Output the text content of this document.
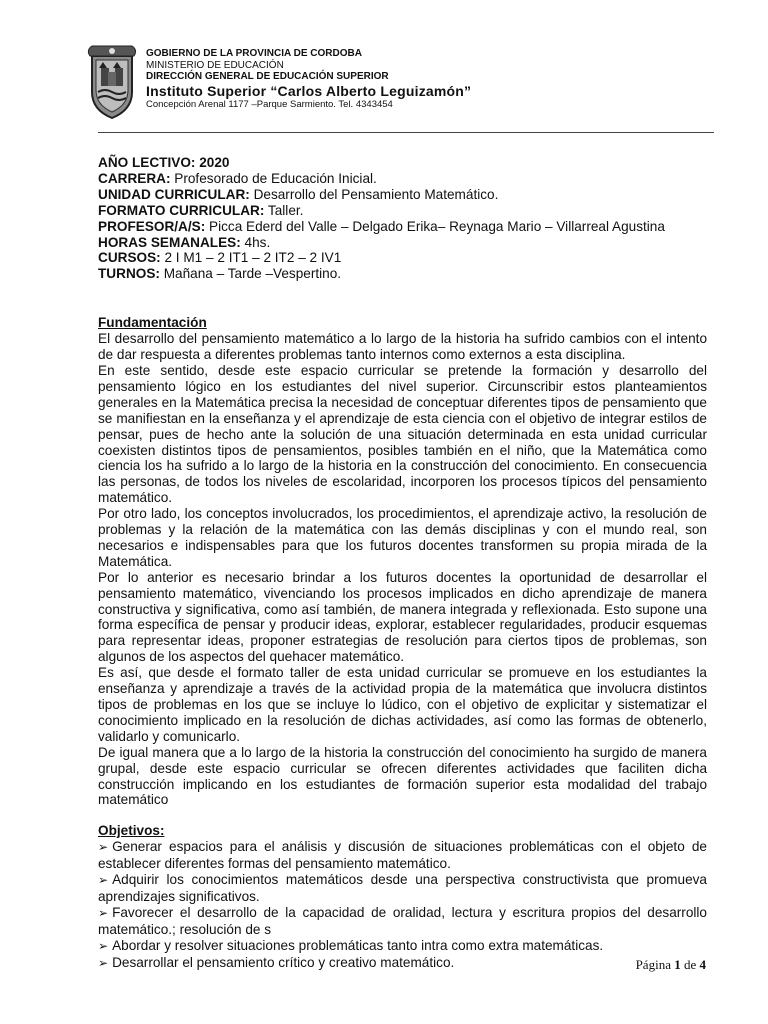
GOBIERNO DE LA PROVINCIA DE CORDOBA
MINISTERIO DE EDUCACIÓN
DIRECCIÓN GENERAL DE EDUCACIÓN SUPERIOR
Instituto Superior “Carlos Alberto Leguizamón”
Concepción Arenal 1177 –Parque Sarmiento. Tel. 4343454
AÑO LECTIVO: 2020
CARRERA: Profesorado de Educación Inicial.
UNIDAD CURRICULAR: Desarrollo del Pensamiento Matemático.
FORMATO CURRICULAR: Taller.
PROFESOR/A/S: Picca Ederd del Valle – Delgado Erika– Reynaga Mario – Villarreal Agustina
HORAS SEMANALES: 4hs.
CURSOS: 2 I M1 – 2 IT1 – 2 IT2 – 2 IV1
TURNOS: Mañana – Tarde –Vespertino.
Fundamentación

El desarrollo del pensamiento matemático a lo largo de la historia ha sufrido cambios con el intento de dar respuesta a diferentes problemas tanto internos como externos a esta disciplina.

En este sentido, desde este espacio curricular se pretende la formación y desarrollo del pensamiento lógico en los estudiantes del nivel superior. Circunscribir estos planteamientos generales en la Matemática precisa la necesidad de conceptuar diferentes tipos de pensamiento que se manifiestan en la enseñanza y el aprendizaje de esta ciencia con el objetivo de integrar estilos de pensar, pues de hecho ante la solución de una situación determinada en esta unidad curricular coexisten distintos tipos de pensamientos, posibles también en el niño, que la Matemática como ciencia los ha sufrido a lo largo de la historia en la construcción del conocimiento. En consecuencia las personas, de todos los niveles de escolaridad, incorporen los procesos típicos del pensamiento matemático.

Por otro lado, los conceptos involucrados, los procedimientos, el aprendizaje activo, la resolución de problemas y la relación de la matemática con las demás disciplinas y con el mundo real, son necesarios e indispensables para que los futuros docentes transformen su propia mirada de la Matemática.

Por lo anterior es necesario brindar a los futuros docentes la oportunidad de desarrollar el pensamiento matemático, vivenciando los procesos implicados en dicho aprendizaje de manera constructiva y significativa, como así también, de manera integrada y reflexionada. Esto supone una forma específica de pensar y producir ideas, explorar, establecer regularidades, producir esquemas para representar ideas, proponer estrategias de resolución para ciertos tipos de problemas, son algunos de los aspectos del quehacer matemático.

Es así, que desde el formato taller de esta unidad curricular se promueve en los estudiantes la enseñanza y aprendizaje a través de la actividad propia de la matemática que involucra distintos tipos de problemas en los que se incluye lo lúdico, con el objetivo de explicitar y sistematizar el conocimiento implicado en la resolución de dichas actividades, así como las formas de obtenerlo, validarlo y comunicarlo.

De igual manera que a lo largo de la historia la construcción del conocimiento ha surgido de manera grupal, desde este espacio curricular se ofrecen diferentes actividades que faciliten dicha construcción implicando en los estudiantes de formación superior esta modalidad del trabajo matemático

Objetivos:
➢ Generar espacios para el análisis y discusión de situaciones problemáticas con el objeto de establecer diferentes formas del pensamiento matemático.
➢ Adquirir los conocimientos matemáticos desde una perspectiva constructivista que promueva aprendizajes significativos.
➢ Favorecer el desarrollo de la capacidad de oralidad, lectura y escritura propios del desarrollo matemático.; resolución de s
➢ Abordar y resolver situaciones problemáticas tanto intra como extra matemáticas.
➢ Desarrollar el pensamiento crítico y creativo matemático.	Página 1 de 4
